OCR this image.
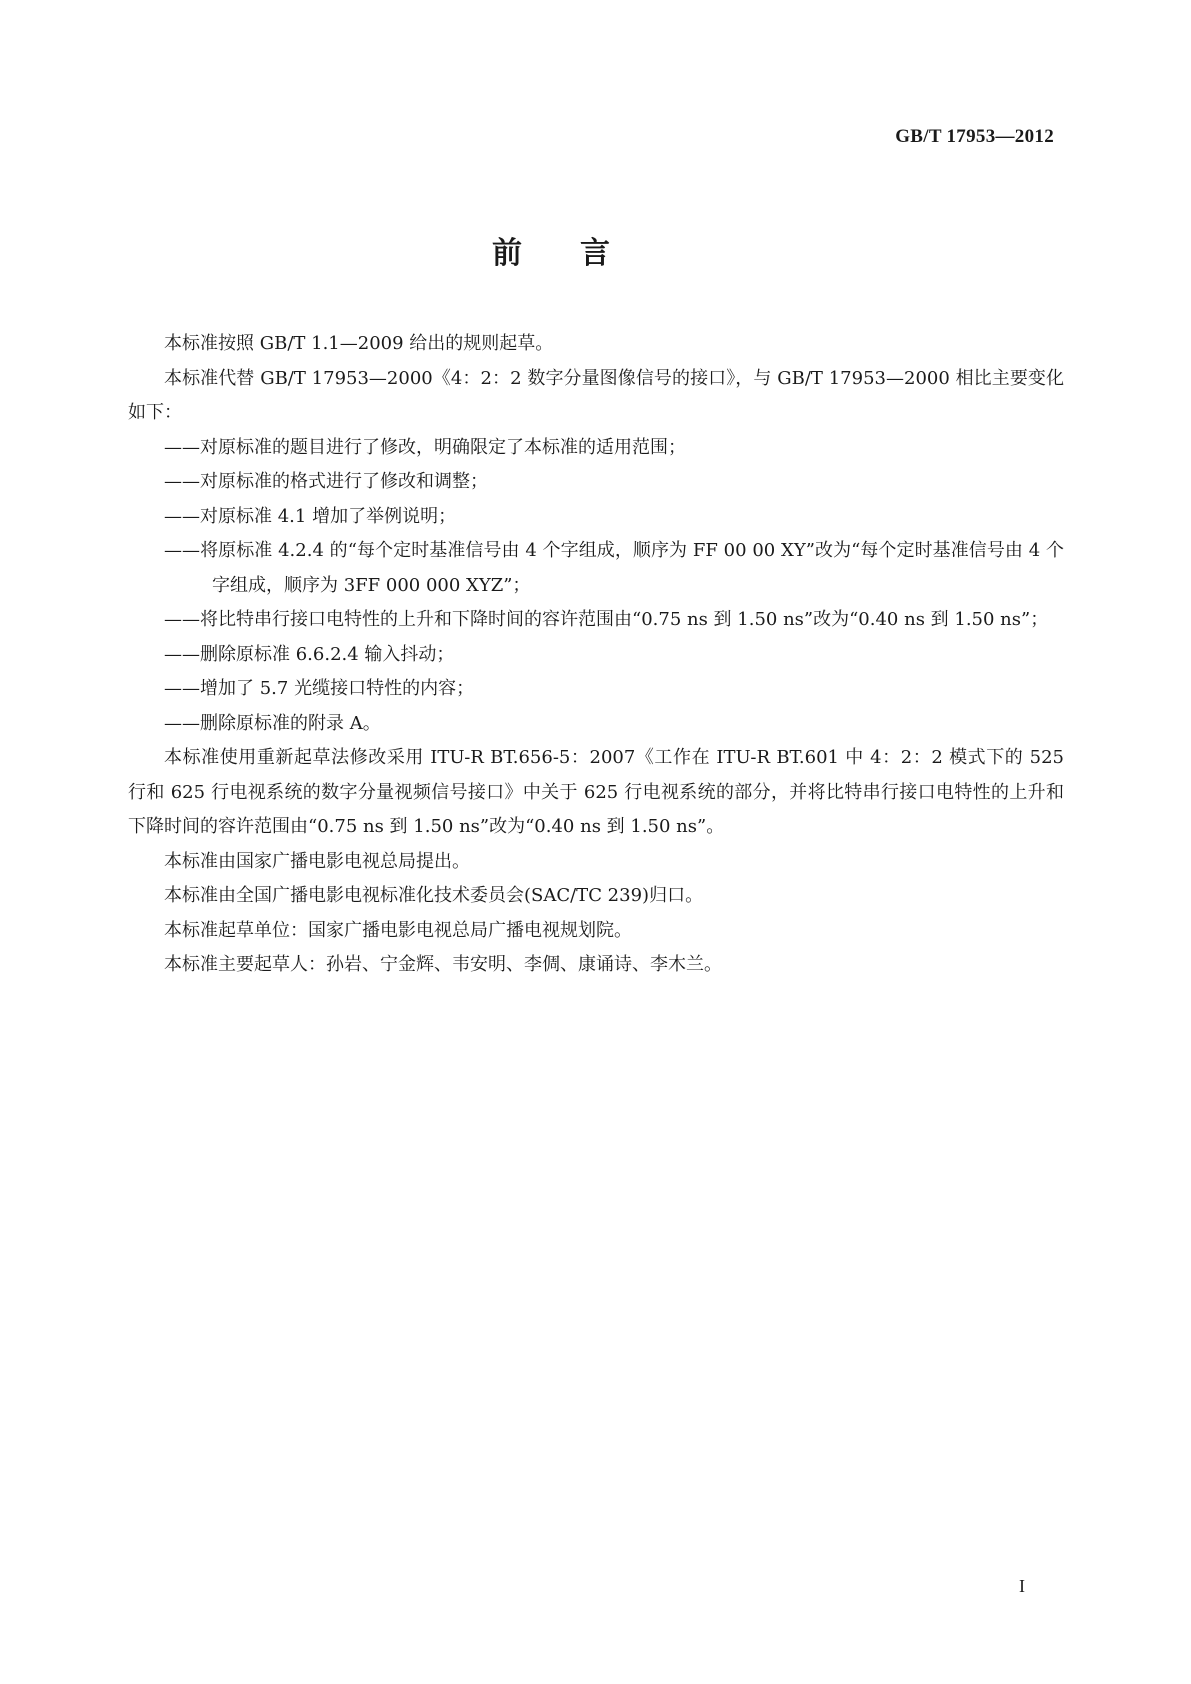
GB/T 17953—2012
前言

本标准按照 GB/T 1.1—2009 给出的规则起草。

本标准代替 GB/T 17953—2000《4：2：2 数字分量图像信号的接口》，与 GB/T 17953—2000 相比主要变化如下：

——对原标准的题目进行了修改，明确限定了本标准的适用范围；

——对原标准的格式进行了修改和调整；

——对原标准 4.1 增加了举例说明；

——将原标准 4.2.4 的“每个定时基准信号由 4 个字组成，顺序为 FF 00 00 XY”改为“每个定时基准信号由 4 个字组成，顺序为 3FF 000 000 XYZ”；

——将比特串行接口电特性的上升和下降时间的容许范围由“0.75 ns 到 1.50 ns”改为“0.40 ns 到 1.50 ns”；

——删除原标准 6.6.2.4 输入抖动；

——增加了 5.7 光缆接口特性的内容；

——删除原标准的附录 A。

本标准使用重新起草法修改采用 ITU-R BT.656-5：2007《工作在 ITU-R BT.601 中 4：2：2 模式下的 525 行和 625 行电视系统的数字分量视频信号接口》中关于 625 行电视系统的部分，并将比特串行接口电特性的上升和下降时间的容许范围由“0.75 ns 到 1.50 ns”改为“0.40 ns 到 1.50 ns”。

本标准由国家广播电影电视总局提出。

本标准由全国广播电影电视标准化技术委员会(SAC/TC 239)归口。

本标准起草单位：国家广播电影电视总局广播电视规划院。

本标准主要起草人：孙岩、宁金辉、韦安明、李倜、康诵诗、李木兰。

I
